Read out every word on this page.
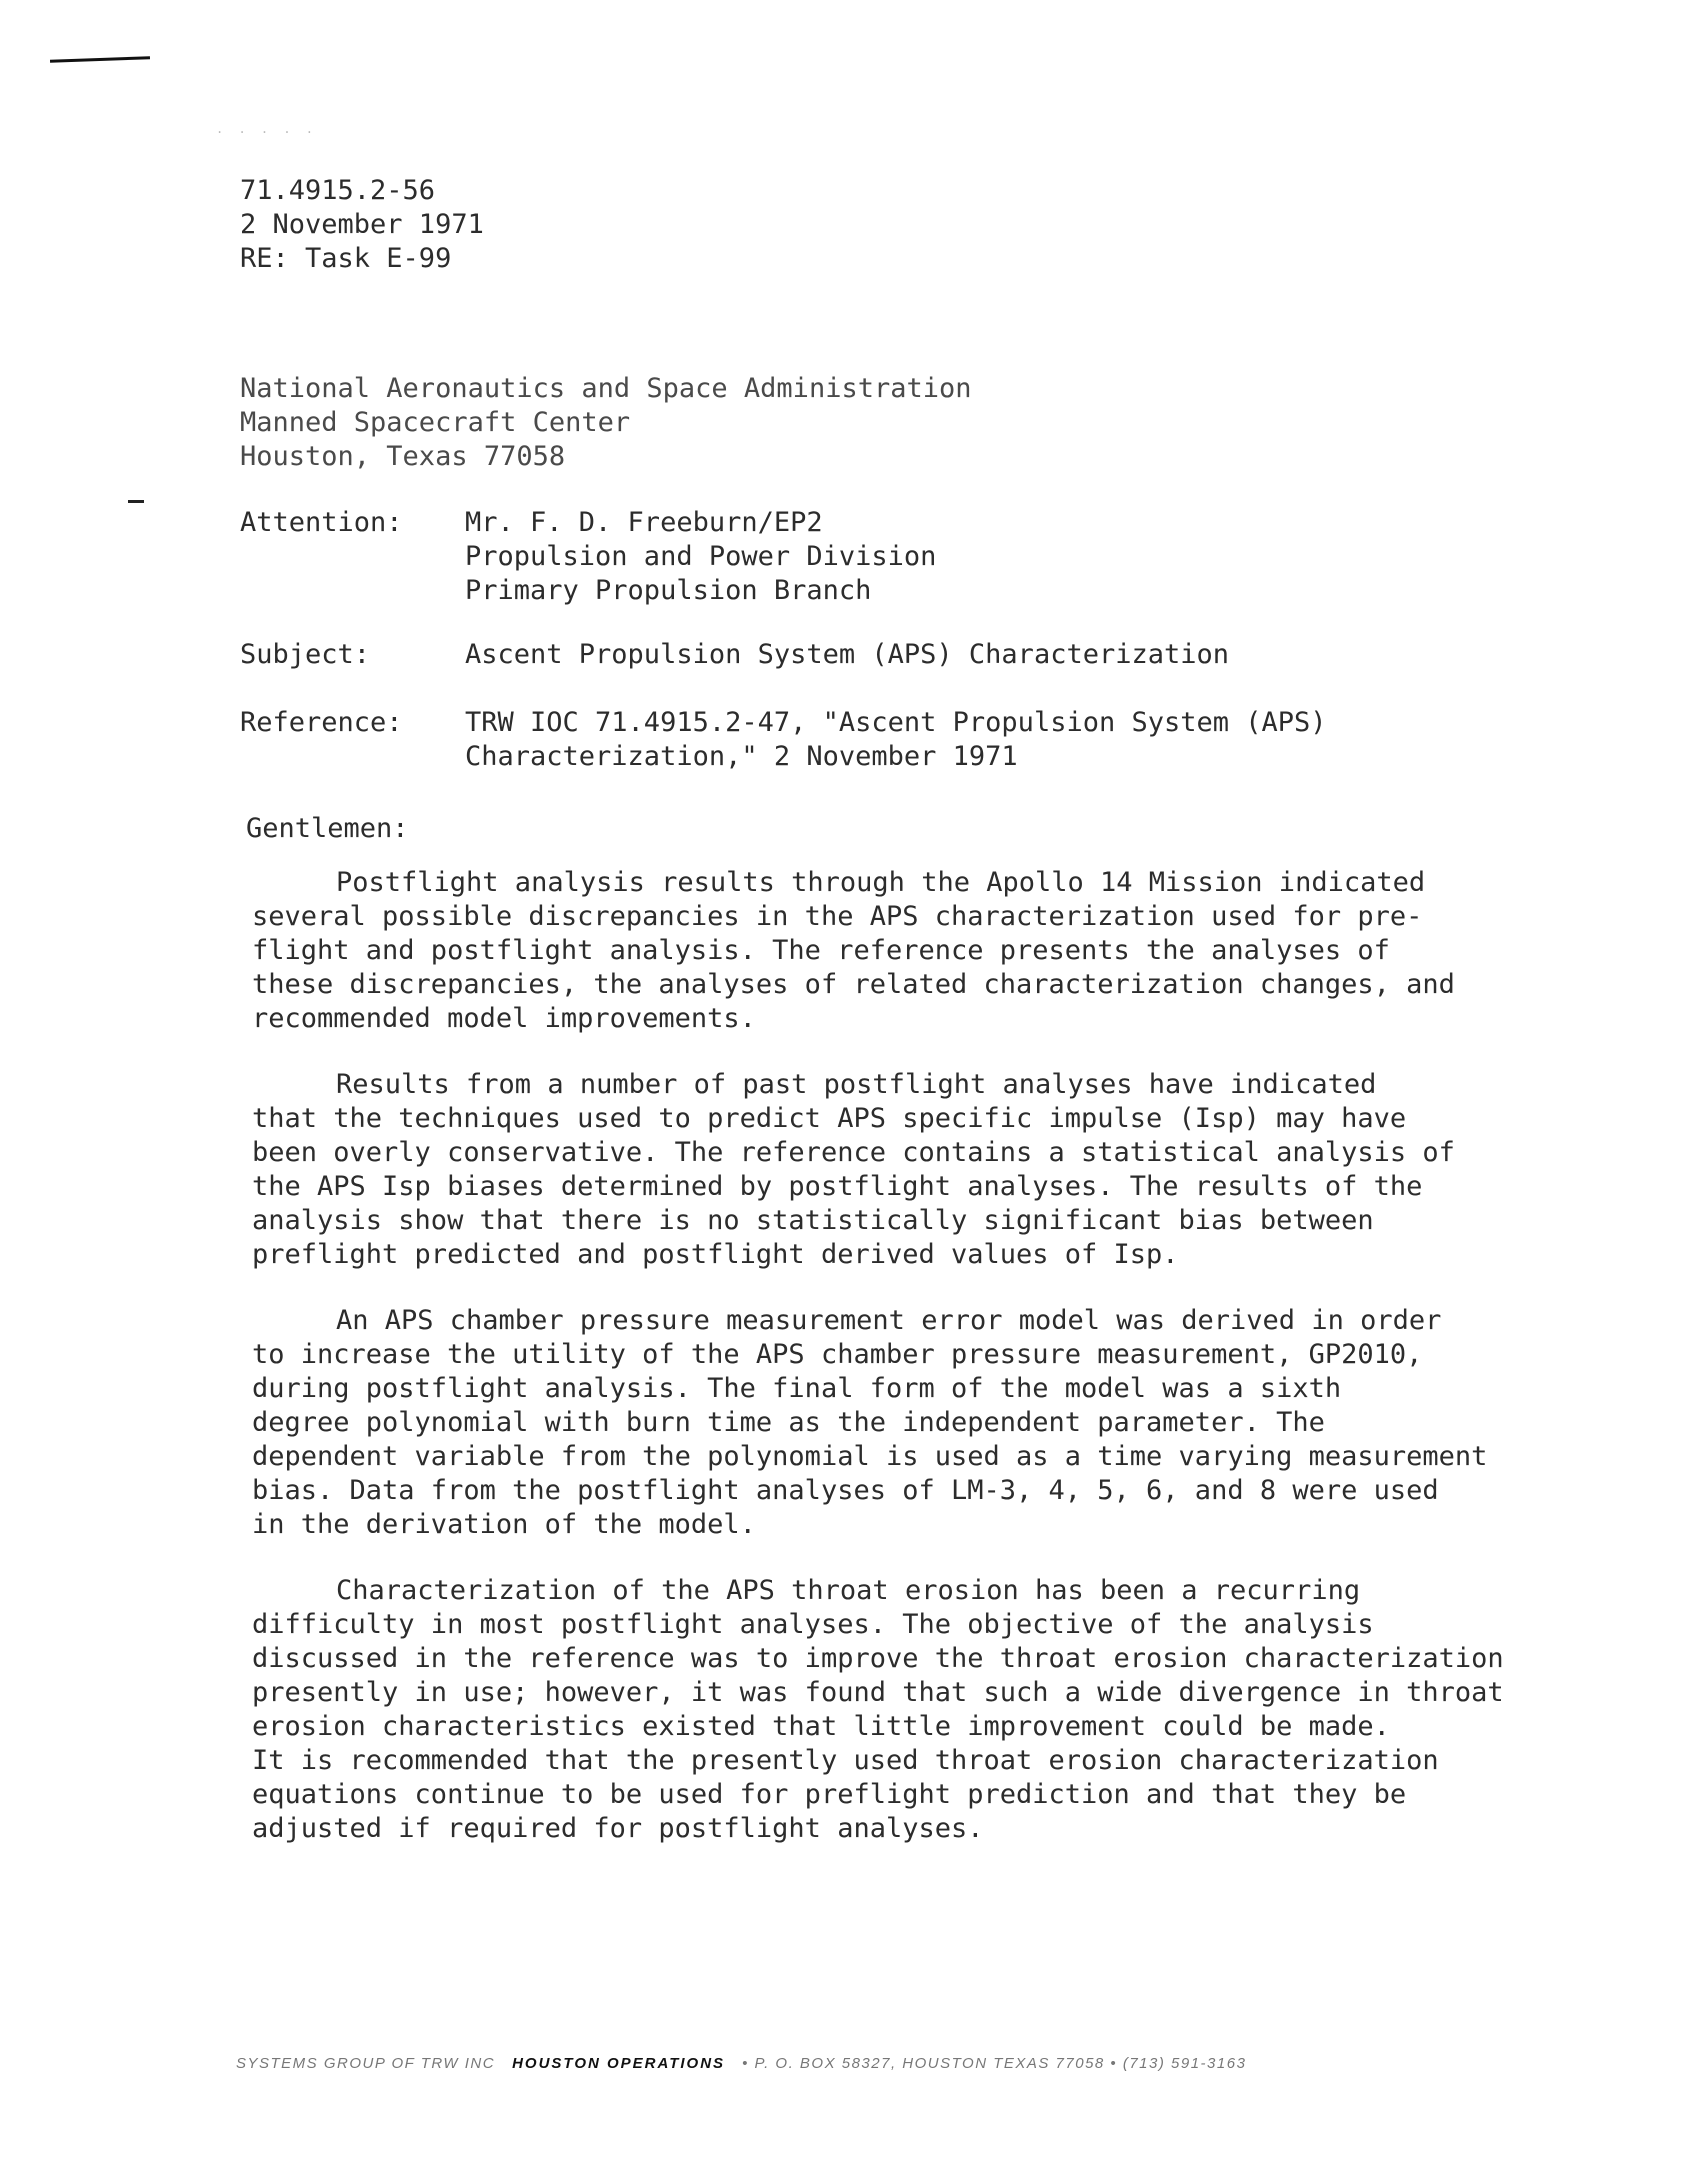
. . . . .
71.4915.2-56
2 November 1971
RE: Task E-99
National Aeronautics and Space Administration
Manned Spacecraft Center
Houston, Texas 77058
Attention: Mr. F. D. Freeburn/EP2
Propulsion and Power Division
Primary Propulsion Branch
Subject:	Ascent Propulsion System (APS) Characterization
Reference: TRW IOC 71.4915.2-47, "Ascent Propulsion System (APS)
Characterization," 2 November 1971
Gentlemen:
Postflight analysis results through the Apollo 14 Mission indicated
several possible discrepancies in the APS characterization used for pre-
flight and postflight analysis. The reference presents the analyses of
these discrepancies, the analyses of related characterization changes, and
recommended model improvements.
Results from a number of past postflight analyses have indicated
that the techniques used to predict APS specific impulse (Isp) may have
been overly conservative. The reference contains a statistical analysis of
the APS Isp biases determined by postflight analyses. The results of the
analysis show that there is no statistically significant bias between
preflight predicted and postflight derived values of Isp.
An APS chamber pressure measurement error model was derived in order
to increase the utility of the APS chamber pressure measurement, GP2010,
during postflight analysis. The final form of the model was a sixth
degree polynomial with burn time as the independent parameter. The
dependent variable from the polynomial is used as a time varying measurement
bias. Data from the postflight analyses of LM-3, 4, 5, 6, and 8 were used
in the derivation of the model.
Characterization of the APS throat erosion has been a recurring
difficulty in most postflight analyses. The objective of the analysis
discussed in the reference was to improve the throat erosion characterization
presently in use; however, it was found that such a wide divergence in throat
erosion characteristics existed that little improvement could be made.
It is recommended that the presently used throat erosion characterization
equations continue to be used for preflight prediction and that they be
adjusted if required for postflight analyses.
SYSTEMS GROUP OF TRW INC HOUSTON OPERATIONS • P. O. BOX 58327, HOUSTON TEXAS 77058 • (713) 591-3163
